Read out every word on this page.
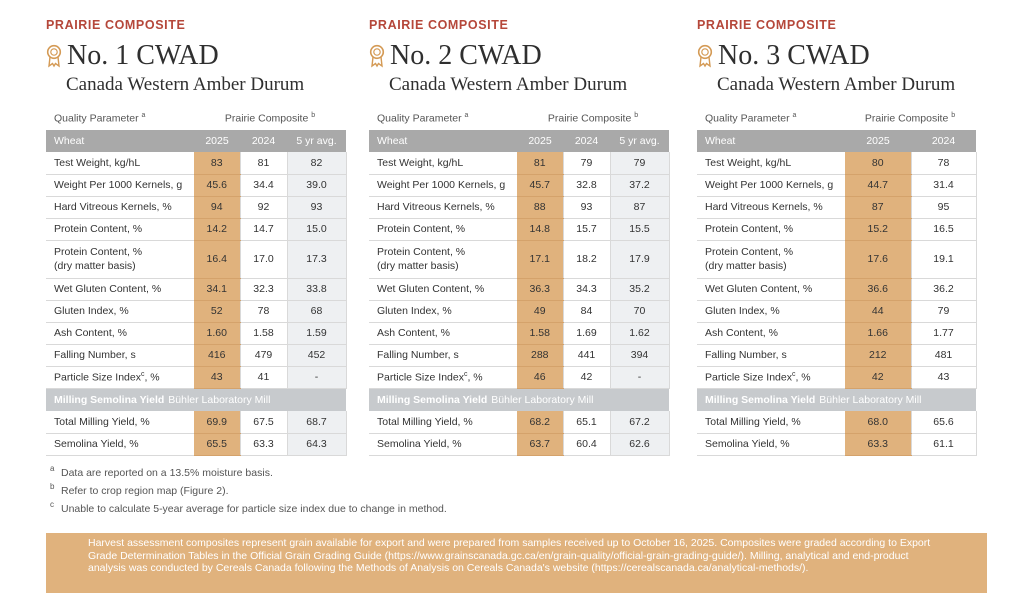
PRAIRIE COMPOSITE
No. 1 CWAD
Canada Western Amber Durum
Quality Parameter $^a$	Prairie Composite $^b$
Wheat	2025	2024	5 yr avg.
Test Weight, kg/hL	83	81	82
Weight Per 1000 Kernels, g	45.6	34.4	39.0
Hard Vitreous Kernels, %	94	92	93
Protein Content, %	14.2	14.7	15.0
Protein Content, %
(dry matter basis)	16.4	17.0	17.3
Wet Gluten Content, %	34.1	32.3	33.8
Gluten Index, %	52	78	68
Ash Content, %	1.60	1.58	1.59
Falling Number, s	416	479	452
Particle Size Index$^c$, %	43	41	-
Milling Semolina Yield Bühler Laboratory Mill			
Total Milling Yield, %	69.9	67.5	68.7
Semolina Yield, %	65.5	63.3	64.3
PRAIRIE COMPOSITE
No. 2 CWAD
Canada Western Amber Durum
Quality Parameter $^a$	Prairie Composite $^b$
Wheat	2025	2024	5 yr avg.
Test Weight, kg/hL	81	79	79
Weight Per 1000 Kernels, g	45.7	32.8	37.2
Hard Vitreous Kernels, %	88	93	87
Protein Content, %	14.8	15.7	15.5
Protein Content, %
(dry matter basis)	17.1	18.2	17.9
Wet Gluten Content, %	36.3	34.3	35.2
Gluten Index, %	49	84	70
Ash Content, %	1.58	1.69	1.62
Falling Number, s	288	441	394
Particle Size Index$^c$, %	46	42	-
Milling Semolina Yield Bühler Laboratory Mill			
Total Milling Yield, %	68.2	65.1	67.2
Semolina Yield, %	63.7	60.4	62.6
PRAIRIE COMPOSITE
No. 3 CWAD
Canada Western Amber Durum
Quality Parameter $^a$	Prairie Composite $^b$
Wheat	2025	2024
Test Weight, kg/hL	80	78
Weight Per 1000 Kernels, g	44.7	31.4
Hard Vitreous Kernels, %	87	95
Protein Content, %	15.2	16.5
Protein Content, %
(dry matter basis)	17.6	19.1
Wet Gluten Content, %	36.6	36.2
Gluten Index, %	44	79
Ash Content, %	1.66	1.77
Falling Number, s	212	481
Particle Size Index$^c$, %	42	43
Milling Semolina Yield Bühler Laboratory Mill		
Total Milling Yield, %	68.0	65.6
Semolina Yield, %	63.3	61.1
a Data are reported on a 13.5% moisture basis.
b Refer to crop region map (Figure 2).
c Unable to calculate 5-year average for particle size index due to change in method.
Harvest assessment composites represent grain available for export and were prepared from samples received up to October 16, 2025. Composites were graded according to Export Grade Determination Tables in the Official Grain Grading Guide (https://www.grainscanada.gc.ca/en/grain-quality/official-grain-grading-guide/). Milling, analytical and end-product analysis was conducted by Cereals Canada following the Methods of Analysis on Cereals Canada's website (https://cerealscanada.ca/analytical-methods/).
